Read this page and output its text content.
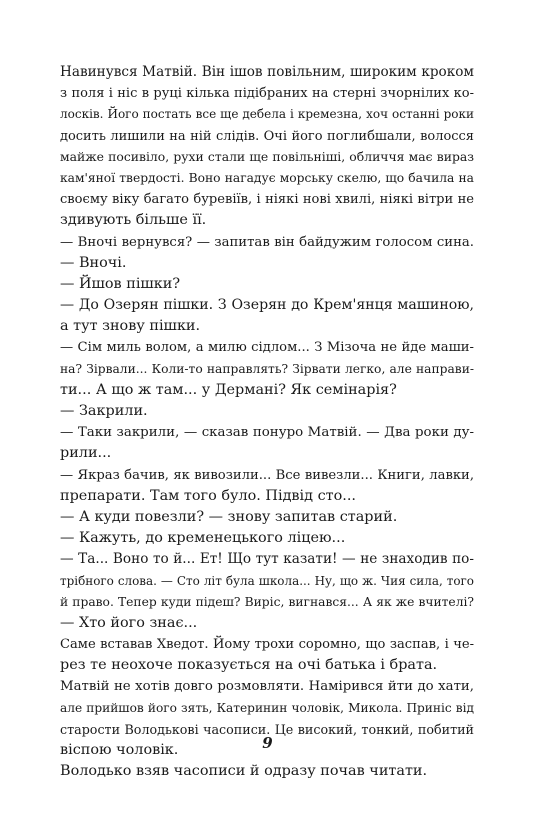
Навинувся Матвій. Він ішов повільним, широким кроком
з поля і ніс в руці кілька підібраних на стерні зчорнілих ко-
лосків. Його постать все ще дебела і кремезна, хоч останні роки
досить лишили на ній слідів. Очі його поглибшали, волосся
майже посивіло, рухи стали ще повільніші, обличчя має вираз
кам'яної твердості. Воно нагадує морську скелю, що бачила на
своєму віку багато буревіїв, і ніякі нові хвилі, ніякі вітри не
здивують більше її.
— Вночі вернувся? — запитав він байдужим голосом сина.
— Вночі.
— Йшов пішки?
— До Озерян пішки. З Озерян до Крем'янця машиною,
а тут знову пішки.
— Сім миль волом, а милю сідлом... З Мізоча не йде маши-
на? Зірвали... Коли-то направлять? Зірвати легко, але направи-
ти... А що ж там... у Дермані? Як семінарія?
— Закрили.
— Таки закрили, — сказав понуро Матвій. — Два роки ду-
рили...
— Якраз бачив, як вивозили... Все вивезли... Книги, лавки,
препарати. Там того було. Підвід сто...
— А куди повезли? — знову запитав старий.
— Кажуть, до кременецького ліцею...
— Та... Воно то й... Ет! Що тут казати! — не знаходив по-
трібного слова. — Сто літ була школа... Ну, що ж. Чия сила, того
й право. Тепер куди підеш? Виріс, вигнався... А як же вчителі?
— Хто його знає...
Саме вставав Хведот. Йому трохи соромно, що заспав, і че-
рез те неохоче показується на очі батька і брата.
Матвій не хотів довго розмовляти. Намірився йти до хати,
але прийшов його зять, Катеринин чоловік, Микола. Приніс від
старости Володькові часописи. Це високий, тонкий, побитий
віспою чоловік.
Володько взяв часописи й одразу почав читати.
9
